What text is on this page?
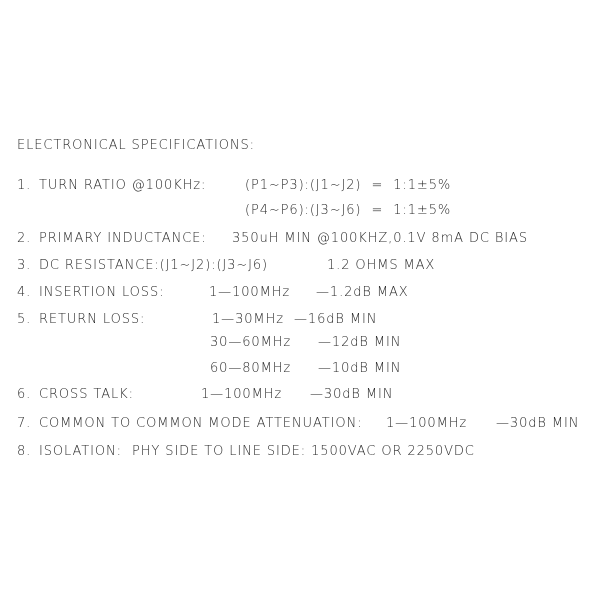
ELECTRONICAL SPECIFICATIONS:
1. TURN RATIO @100KHz:	(P1~P3):(J1~J2)  =  1:1±5%
(P4~P6):(J3~J6)  =  1:1±5%
2. PRIMARY INDUCTANCE: 350uH MIN @100KHZ,0.1V 8mA DC BIAS
3. DC RESISTANCE:(J1~J2):(J3~J6)	1.2 OHMS MAX
4. INSERTION LOSS:	1—100MHz —1.2dB MAX
5. RETURN LOSS:	1—30MHz —16dB MIN
30—60MHz —12dB MIN
60—80MHz —10dB MIN
6. CROSS TALK:	1—100MHz —30dB MIN
7. COMMON TO COMMON MODE ATTENUATION: 1—100MHz —30dB MIN
8. ISOLATION: PHY SIDE TO LINE SIDE: 1500VAC OR 2250VDC
